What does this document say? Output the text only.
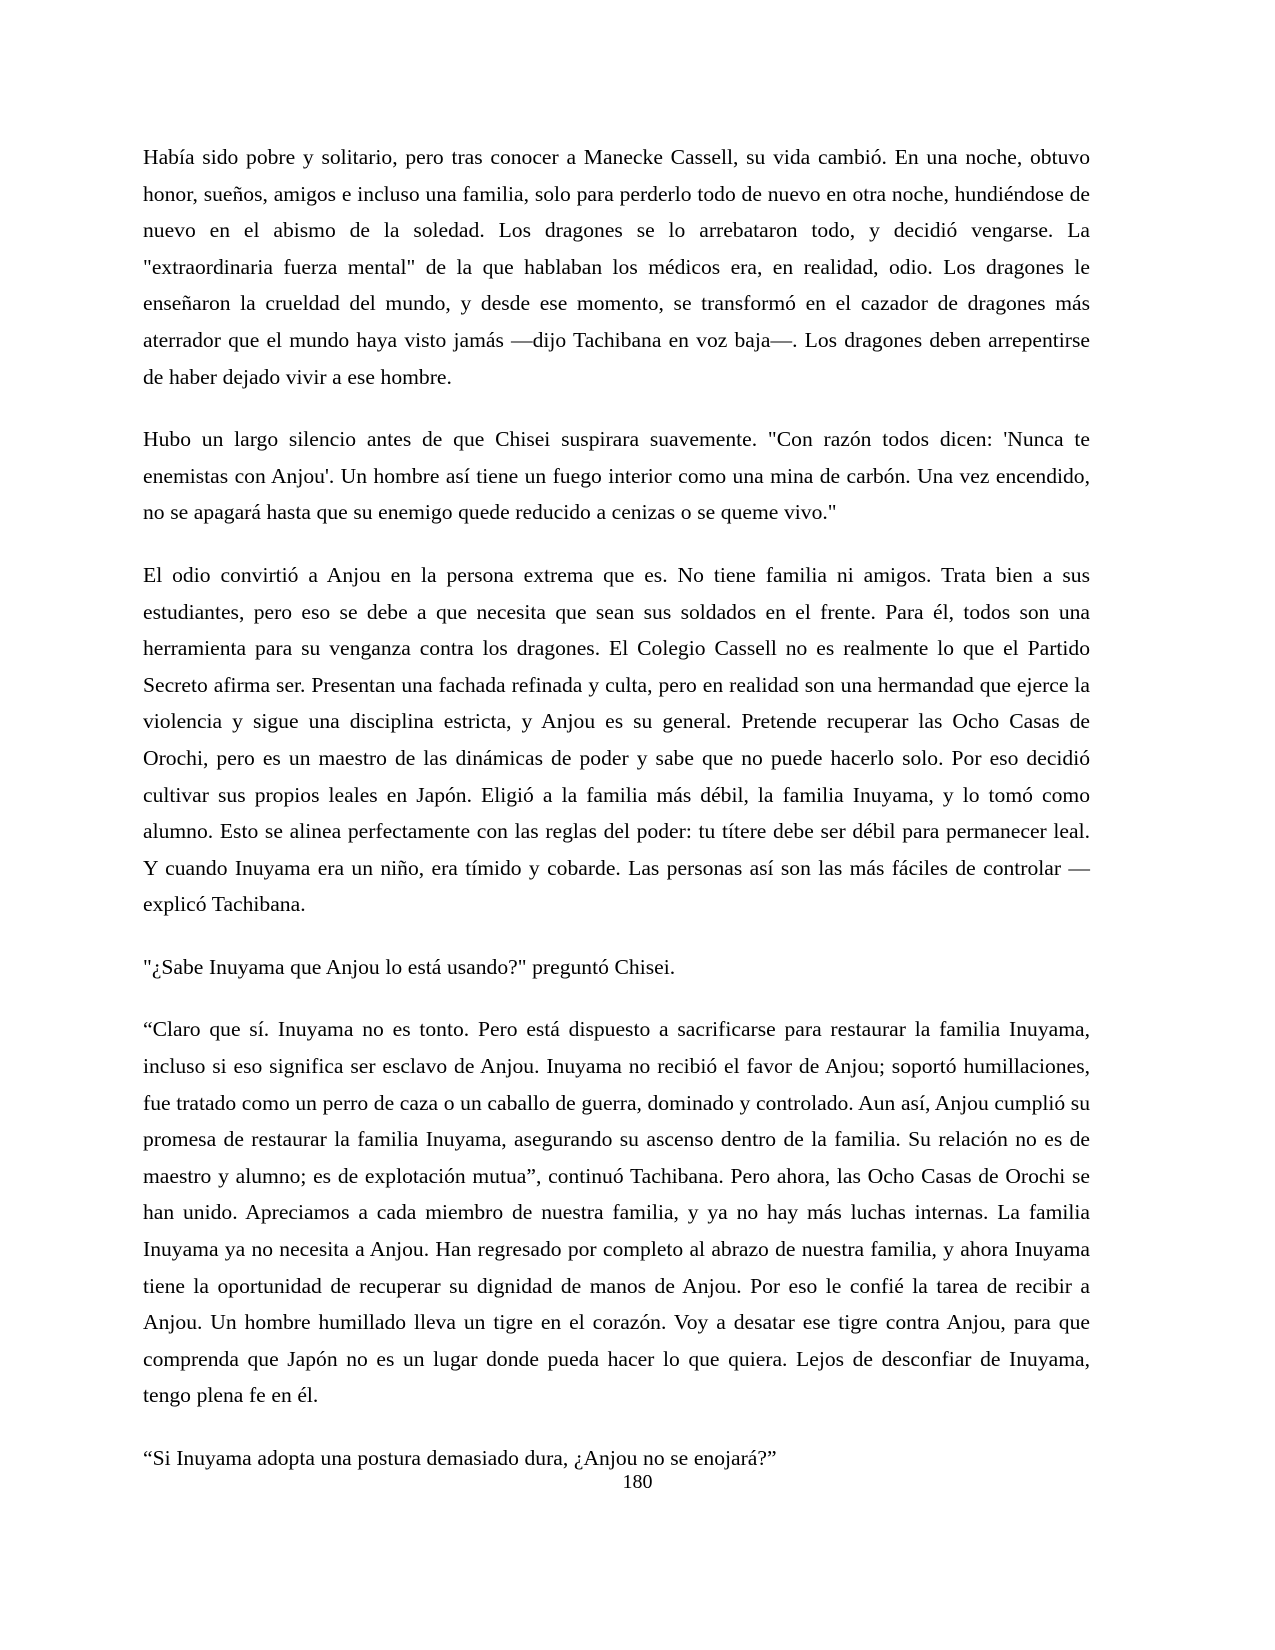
Había sido pobre y solitario, pero tras conocer a Manecke Cassell, su vida cambió. En una noche, obtuvo honor, sueños, amigos e incluso una familia, solo para perderlo todo de nuevo en otra noche, hundiéndose de nuevo en el abismo de la soledad. Los dragones se lo arrebataron todo, y decidió vengarse. La "extraordinaria fuerza mental" de la que hablaban los médicos era, en realidad, odio. Los dragones le enseñaron la crueldad del mundo, y desde ese momento, se transformó en el cazador de dragones más aterrador que el mundo haya visto jamás —dijo Tachibana en voz baja—. Los dragones deben arrepentirse de haber dejado vivir a ese hombre.

Hubo un largo silencio antes de que Chisei suspirara suavemente. "Con razón todos dicen: 'Nunca te enemistas con Anjou'. Un hombre así tiene un fuego interior como una mina de carbón. Una vez encendido, no se apagará hasta que su enemigo quede reducido a cenizas o se queme vivo."

El odio convirtió a Anjou en la persona extrema que es. No tiene familia ni amigos. Trata bien a sus estudiantes, pero eso se debe a que necesita que sean sus soldados en el frente. Para él, todos son una herramienta para su venganza contra los dragones. El Colegio Cassell no es realmente lo que el Partido Secreto afirma ser. Presentan una fachada refinada y culta, pero en realidad son una hermandad que ejerce la violencia y sigue una disciplina estricta, y Anjou es su general. Pretende recuperar las Ocho Casas de Orochi, pero es un maestro de las dinámicas de poder y sabe que no puede hacerlo solo. Por eso decidió cultivar sus propios leales en Japón. Eligió a la familia más débil, la familia Inuyama, y lo tomó como alumno. Esto se alinea perfectamente con las reglas del poder: tu títere debe ser débil para permanecer leal. Y cuando Inuyama era un niño, era tímido y cobarde. Las personas así son las más fáciles de controlar —explicó Tachibana.

"¿Sabe Inuyama que Anjou lo está usando?" preguntó Chisei.

“Claro que sí. Inuyama no es tonto. Pero está dispuesto a sacrificarse para restaurar la familia Inuyama, incluso si eso significa ser esclavo de Anjou. Inuyama no recibió el favor de Anjou; soportó humillaciones, fue tratado como un perro de caza o un caballo de guerra, dominado y controlado. Aun así, Anjou cumplió su promesa de restaurar la familia Inuyama, asegurando su ascenso dentro de la familia. Su relación no es de maestro y alumno; es de explotación mutua”, continuó Tachibana. Pero ahora, las Ocho Casas de Orochi se han unido. Apreciamos a cada miembro de nuestra familia, y ya no hay más luchas internas. La familia Inuyama ya no necesita a Anjou. Han regresado por completo al abrazo de nuestra familia, y ahora Inuyama tiene la oportunidad de recuperar su dignidad de manos de Anjou. Por eso le confié la tarea de recibir a Anjou. Un hombre humillado lleva un tigre en el corazón. Voy a desatar ese tigre contra Anjou, para que comprenda que Japón no es un lugar donde pueda hacer lo que quiera. Lejos de desconfiar de Inuyama, tengo plena fe en él.

“Si Inuyama adopta una postura demasiado dura, ¿Anjou no se enojará?”

180
